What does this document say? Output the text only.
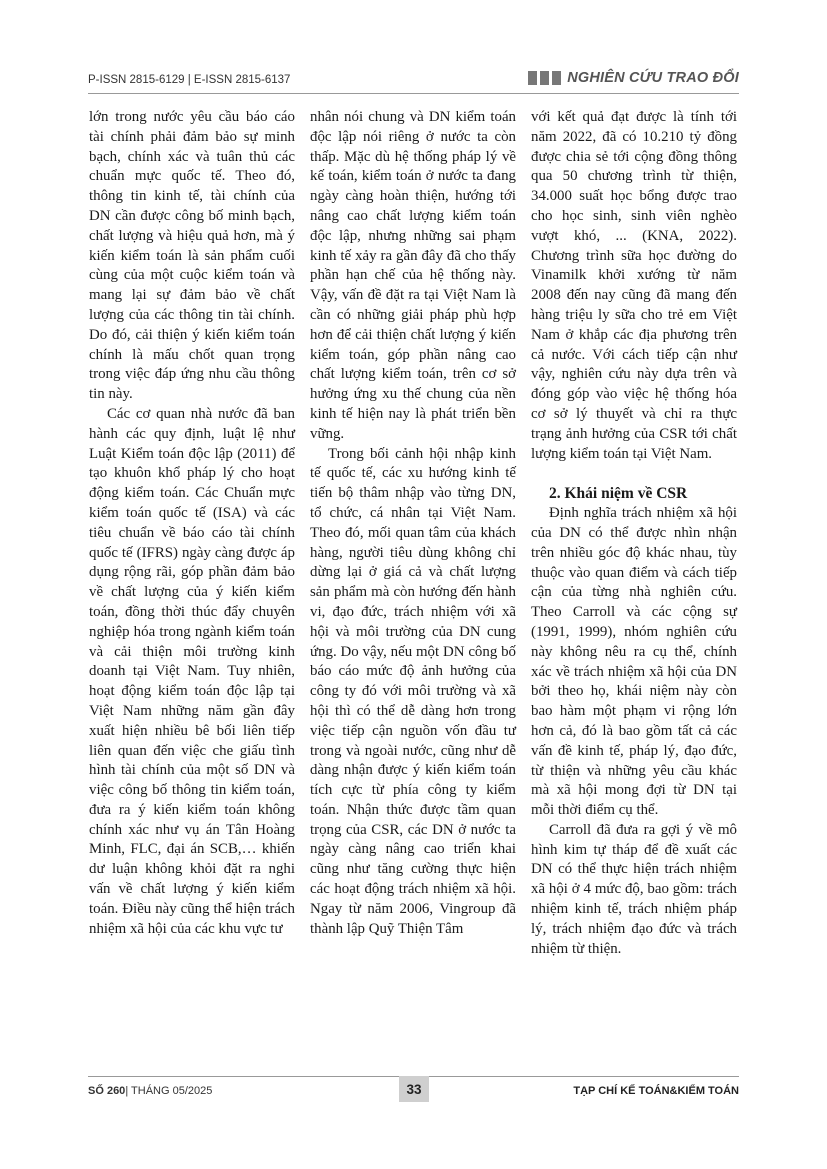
P-ISSN 2815-6129 | E-ISSN 2815-6137	NGHIÊN CỨU TRAO ĐỔI

lớn trong nước yêu cầu báo cáo tài chính phải đảm bảo sự minh bạch, chính xác và tuân thủ các chuẩn mực quốc tế. Theo đó, thông tin kinh tế, tài chính của DN cần được công bố minh bạch, chất lượng và hiệu quả hơn, mà ý kiến kiểm toán là sản phẩm cuối cùng của một cuộc kiểm toán và mang lại sự đảm bảo về chất lượng của các thông tin tài chính. Do đó, cải thiện ý kiến kiểm toán chính là mấu chốt quan trọng trong việc đáp ứng nhu cầu thông tin này.

Các cơ quan nhà nước đã ban hành các quy định, luật lệ như Luật Kiểm toán độc lập (2011) để tạo khuôn khổ pháp lý cho hoạt động kiểm toán. Các Chuẩn mực kiểm toán quốc tế (ISA) và các tiêu chuẩn về báo cáo tài chính quốc tế (IFRS) ngày càng được áp dụng rộng rãi, góp phần đảm bảo về chất lượng của ý kiến kiểm toán, đồng thời thúc đẩy chuyên nghiệp hóa trong ngành kiểm toán và cải thiện môi trường kinh doanh tại Việt Nam. Tuy nhiên, hoạt động kiểm toán độc lập tại Việt Nam những năm gần đây xuất hiện nhiều bê bối liên tiếp liên quan đến việc che giấu tình hình tài chính của một số DN và việc công bố thông tin kiểm toán, đưa ra ý kiến kiểm toán không chính xác như vụ án Tân Hoàng Minh, FLC, đại án SCB,… khiến dư luận không khỏi đặt ra nghi vấn về chất lượng ý kiến kiểm toán. Điều này cũng thể hiện trách nhiệm xã hội của các khu vực tư

nhân nói chung và DN kiểm toán độc lập nói riêng ở nước ta còn thấp. Mặc dù hệ thống pháp lý về kế toán, kiểm toán ở nước ta đang ngày càng hoàn thiện, hướng tới nâng cao chất lượng kiểm toán độc lập, nhưng những sai phạm kinh tế xảy ra gần đây đã cho thấy phần hạn chế của hệ thống này. Vậy, vấn đề đặt ra tại Việt Nam là cần có những giải pháp phù hợp hơn để cải thiện chất lượng ý kiến kiểm toán, góp phần nâng cao chất lượng kiểm toán, trên cơ sở hưởng ứng xu thế chung của nền kinh tế hiện nay là phát triển bền vững.

Trong bối cảnh hội nhập kinh tế quốc tế, các xu hướng kinh tế tiến bộ thâm nhập vào từng DN, tổ chức, cá nhân tại Việt Nam. Theo đó, mối quan tâm của khách hàng, người tiêu dùng không chỉ dừng lại ở giá cả và chất lượng sản phẩm mà còn hướng đến hành vi, đạo đức, trách nhiệm với xã hội và môi trường của DN cung ứng. Do vậy, nếu một DN công bố báo cáo mức độ ảnh hưởng của công ty đó với môi trường và xã hội thì có thể dễ dàng hơn trong việc tiếp cận nguồn vốn đầu tư trong và ngoài nước, cũng như dễ dàng nhận được ý kiến kiểm toán tích cực từ phía công ty kiểm toán. Nhận thức được tầm quan trọng của CSR, các DN ở nước ta ngày càng nâng cao triển khai cũng như tăng cường thực hiện các hoạt động trách nhiệm xã hội. Ngay từ năm 2006, Vingroup đã thành lập Quỹ Thiện Tâm

với kết quả đạt được là tính tới năm 2022, đã có 10.210 tỷ đồng được chia sẻ tới cộng đồng thông qua 50 chương trình từ thiện, 34.000 suất học bổng được trao cho học sinh, sinh viên nghèo vượt khó, ... (KNA, 2022). Chương trình sữa học đường do Vinamilk khởi xướng từ năm 2008 đến nay cũng đã mang đến hàng triệu ly sữa cho trẻ em Việt Nam ở khắp các địa phương trên cả nước. Với cách tiếp cận như vậy, nghiên cứu này dựa trên và đóng góp vào việc hệ thống hóa cơ sở lý thuyết và chỉ ra thực trạng ảnh hưởng của CSR tới chất lượng kiểm toán tại Việt Nam.

2. Khái niệm về CSR

Định nghĩa trách nhiệm xã hội của DN có thể được nhìn nhận trên nhiều góc độ khác nhau, tùy thuộc vào quan điểm và cách tiếp cận của từng nhà nghiên cứu. Theo Carroll và các cộng sự (1991, 1999), nhóm nghiên cứu này không nêu ra cụ thể, chính xác về trách nhiệm xã hội của DN bởi theo họ, khái niệm này còn bao hàm một phạm vi rộng lớn hơn cả, đó là bao gồm tất cả các vấn đề kinh tế, pháp lý, đạo đức, từ thiện và những yêu cầu khác mà xã hội mong đợi từ DN tại mỗi thời điểm cụ thể.

Carroll đã đưa ra gợi ý về mô hình kim tự tháp để đề xuất các DN có thể thực hiện trách nhiệm xã hội ở 4 mức độ, bao gồm: trách nhiệm kinh tế, trách nhiệm pháp lý, trách nhiệm đạo đức và trách nhiệm từ thiện.

SỐ 260| THÁNG 05/2025	33	TẠP CHÍ KẾ TOÁN&KIỂM TOÁN
